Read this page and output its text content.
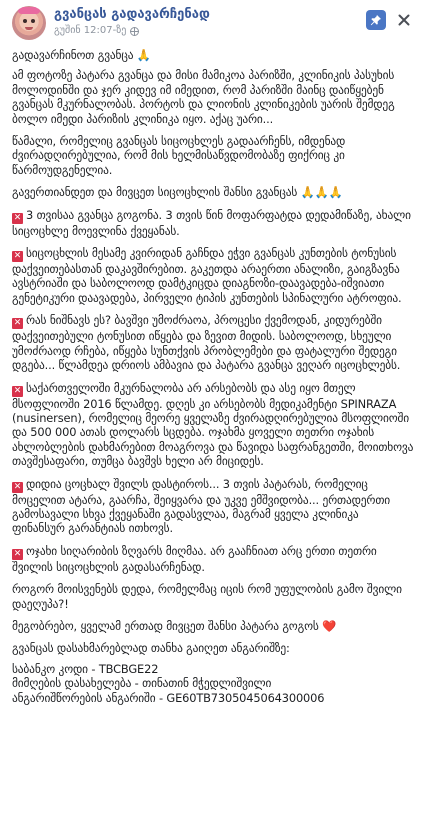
გვანცას გადავარჩენად
გუშინ 12:07-ზე

გადავარჩინოთ გვანცა 🙏

ამ ფოტოზე პატარა გვანცა და მისი მამიკოა პარიზში, კლინიკის პასუხის მოლოდინში და ჯერ კიდევ იმ იმედით, რომ პარიზში მაინც დაიწყებენ გვანცას მკურნალობას. პორტოს და ლიონის კლინიკების უარის შემდეგ ბოლო იმედი პარიზის კლინიკა იყო. აქაც უარი...

წამალი, რომელიც გვანცას სიცოცხლეს გადაარჩენს, იმდენად ძვირადღირებულია, რომ მის ხელმისაწვდომობაზე ფიქრიც კი წარმოუდგენელია.

გავერთიანდეთ და მივცეთ სიცოცხლის შანსი გვანცას 🙏🙏🙏

✕ 3 თვისაა გვანცა გოგონა. 3 თვის წინ მოფარფატდა დედამიწაზე, ახალი სიცოცხლე მოევლინა ქვეყანას.

✕ სიცოცხლის მესამე კვირიდან გაჩნდა ეჭვი გვანცას კუნთების ტონუსის დაქვეითებასთან დაკავშირებით. გაკეთდა არაერთი ანალიზი, გაიგზავნა ავსტრიაში და საბოლოოდ დამტკიცდა დიაგნოზი-დაავადება-იშვიათი გენეტიკური დაავადება, პირველი ტიპის კუნთების სპინალური ატროფია.

✕ რას ნიშნავს ეს? ბავშვი უმოძრაოა, პროცესი ქვემოდან, კიდურებში დაქვეითებული ტონუსით იწყება და ზევით მიდის. საბოლოოდ, სხეული უმოძრაოდ რჩება, იწყება სუნთქვის პრობლემები და ფატალური შედეგი დგება... წლამდეა დრიოს ამბავია და პატარა გვანცა ვეღარ იცოცხლებს.

✕ საქართველოში მკურნალობა არ არსებობს და ასე იყო მთელ მსოფლიოში 2016 წლამდე. დღეს კი არსებობს მედიკამენტი SPINRAZA (nusinersen), რომელიც მეორე ყველაზე ძვირადღირებულია მსოფლიოში და 500 000 ათას დოლარს სცდება. ოჯახმა ყოველი თეთრი ოჯახის ახლობლების დახმარებით მოაგროვა და წავიდა საფრანგეთში, მოითხოვა თავშესაფარი, თუმცა ბავშვს ხელი არ მიციდეს.

✕ დიდია ცოცხალ შვილს დასტიროს... 3 თვის პატარას, რომელიც მოცელით ატარა, გაარჩა, შეიყვარა და უკვე ემშვიდობა... ერთადერთი გამოსავალი სხვა ქვეყანაში გადასვლაა, მაგრამ ყველა კლინიკა ფინანსურ გარანტიას ითხოვს.

✕ ოჯახი სიღარიბის ზღვარს მიღმაა. არ გააჩნიათ არც ერთი თეთრი შვილის სიცოცხლის გადასარჩენად.

როგორ მოისვენებს დედა, რომელმაც იცის რომ უფულობის გამო შვილი დაეღუპა?!

მეგობრებო, ყველამ ერთად მივცეთ შანსი პატარა გოგოს ❤️

გვანცას დასახმარებლად თანხა გაიღეთ ანგარიშზე:

საბანკო კოდი - TBCBGE22
მიმღების დასახელება - თინათინ მჭედლიშვილი
ანგარიშწორების ანგარიში - GE60TB7305045064300006
